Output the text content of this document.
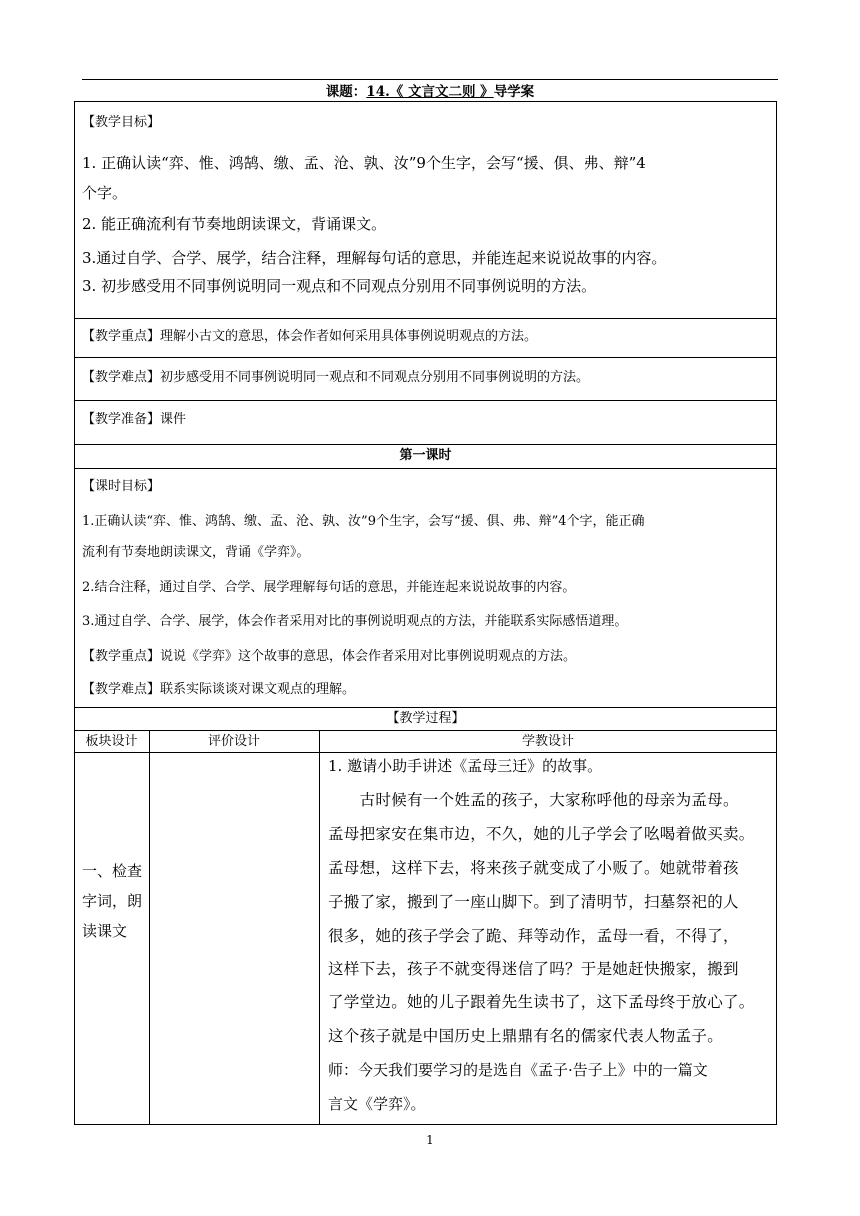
课题：14.《 文言文二则 》导学案
【教学目标】
1. 正确认读“弈、惟、鸿鹄、缴、孟、沧、孰、汝”9个生字，会写“援、俱、弗、辩”4
个字。
2. 能正确流利有节奏地朗读课文，背诵课文。
3.通过自学、合学、展学，结合注释，理解每句话的意思，并能连起来说说故事的内容。
3. 初步感受用不同事例说明同一观点和不同观点分别用不同事例说明的方法。
【教学重点】理解小古文的意思，体会作者如何采用具体事例说明观点的方法。
【教学难点】初步感受用不同事例说明同一观点和不同观点分别用不同事例说明的方法。
【教学准备】课件
第一课时
【课时目标】
1.正确认读“弈、惟、鸿鹄、缴、孟、沧、孰、汝”9个生字，会写“援、俱、弗、辩”4个字，能正确
流利有节奏地朗读课文，背诵《学弈》。
2.结合注释，通过自学、合学、展学理解每句话的意思，并能连起来说说故事的内容。
3.通过自学、合学、展学，体会作者采用对比的事例说明观点的方法，并能联系实际感悟道理。
【教学重点】说说《学弈》这个故事的意思，体会作者采用对比事例说明观点的方法。
【教学难点】联系实际谈谈对课文观点的理解。
【教学过程】
板块设计	评价设计	学教设计
一、检查
字词，朗
读课文
1. 邀请小助手讲述《孟母三迁》的故事。
　　古时候有一个姓孟的孩子，大家称呼他的母亲为孟母。
孟母把家安在集市边，不久，她的儿子学会了吆喝着做买卖。
孟母想，这样下去，将来孩子就变成了小贩了。她就带着孩
子搬了家，搬到了一座山脚下。到了清明节，扫墓祭祀的人
很多，她的孩子学会了跪、拜等动作，孟母一看，不得了，
这样下去，孩子不就变得迷信了吗？于是她赶快搬家，搬到
了学堂边。她的儿子跟着先生读书了，这下孟母终于放心了。
这个孩子就是中国历史上鼎鼎有名的儒家代表人物孟子。
师：今天我们要学习的是选自《孟子·告子上》中的一篇文
言文《学弈》。
1
